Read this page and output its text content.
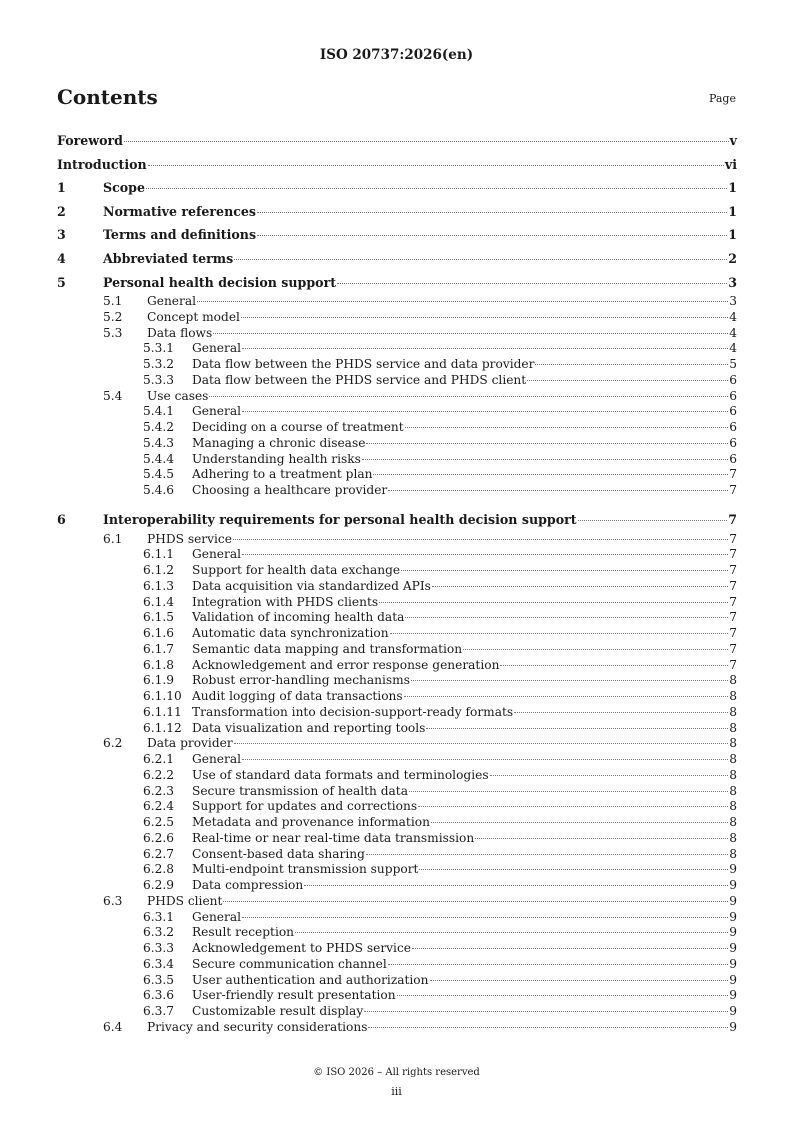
ISO 20737:2026(en)
Contents	Page
Foreword	v
Introduction	vi
1	Scope	1
2	Normative references	1
3	Terms and definitions	1
4	Abbreviated terms	2
5	Personal health decision support	3
5.1	General	3
5.2	Concept model	4
5.3	Data flows	4
5.3.1	General	4
5.3.2	Data flow between the PHDS service and data provider	5
5.3.3	Data flow between the PHDS service and PHDS client	6
5.4	Use cases	6
5.4.1	General	6
5.4.2	Deciding on a course of treatment	6
5.4.3	Managing a chronic disease	6
5.4.4	Understanding health risks	6
5.4.5	Adhering to a treatment plan	7
5.4.6	Choosing a healthcare provider	7
6	Interoperability requirements for personal health decision support	7
6.1	PHDS service	7
6.1.1	General	7
6.1.2	Support for health data exchange	7
6.1.3	Data acquisition via standardized APIs	7
6.1.4	Integration with PHDS clients	7
6.1.5	Validation of incoming health data	7
6.1.6	Automatic data synchronization	7
6.1.7	Semantic data mapping and transformation	7
6.1.8	Acknowledgement and error response generation	7
6.1.9	Robust error-handling mechanisms	8
6.1.10 Audit logging of data transactions	8
6.1.11 Transformation into decision-support-ready formats	8
6.1.12 Data visualization and reporting tools	8
6.2	Data provider	8
6.2.1	General	8
6.2.2	Use of standard data formats and terminologies	8
6.2.3	Secure transmission of health data	8
6.2.4	Support for updates and corrections	8
6.2.5	Metadata and provenance information	8
6.2.6	Real-time or near real-time data transmission	8
6.2.7	Consent-based data sharing	8
6.2.8	Multi-endpoint transmission support	9
6.2.9	Data compression	9
6.3	PHDS client	9
6.3.1	General	9
6.3.2	Result reception	9
6.3.3	Acknowledgement to PHDS service	9
6.3.4	Secure communication channel	9
6.3.5	User authentication and authorization	9
6.3.6	User-friendly result presentation	9
6.3.7	Customizable result display	9
6.4	Privacy and security considerations	9
© ISO 2026 – All rights reserved
iii
